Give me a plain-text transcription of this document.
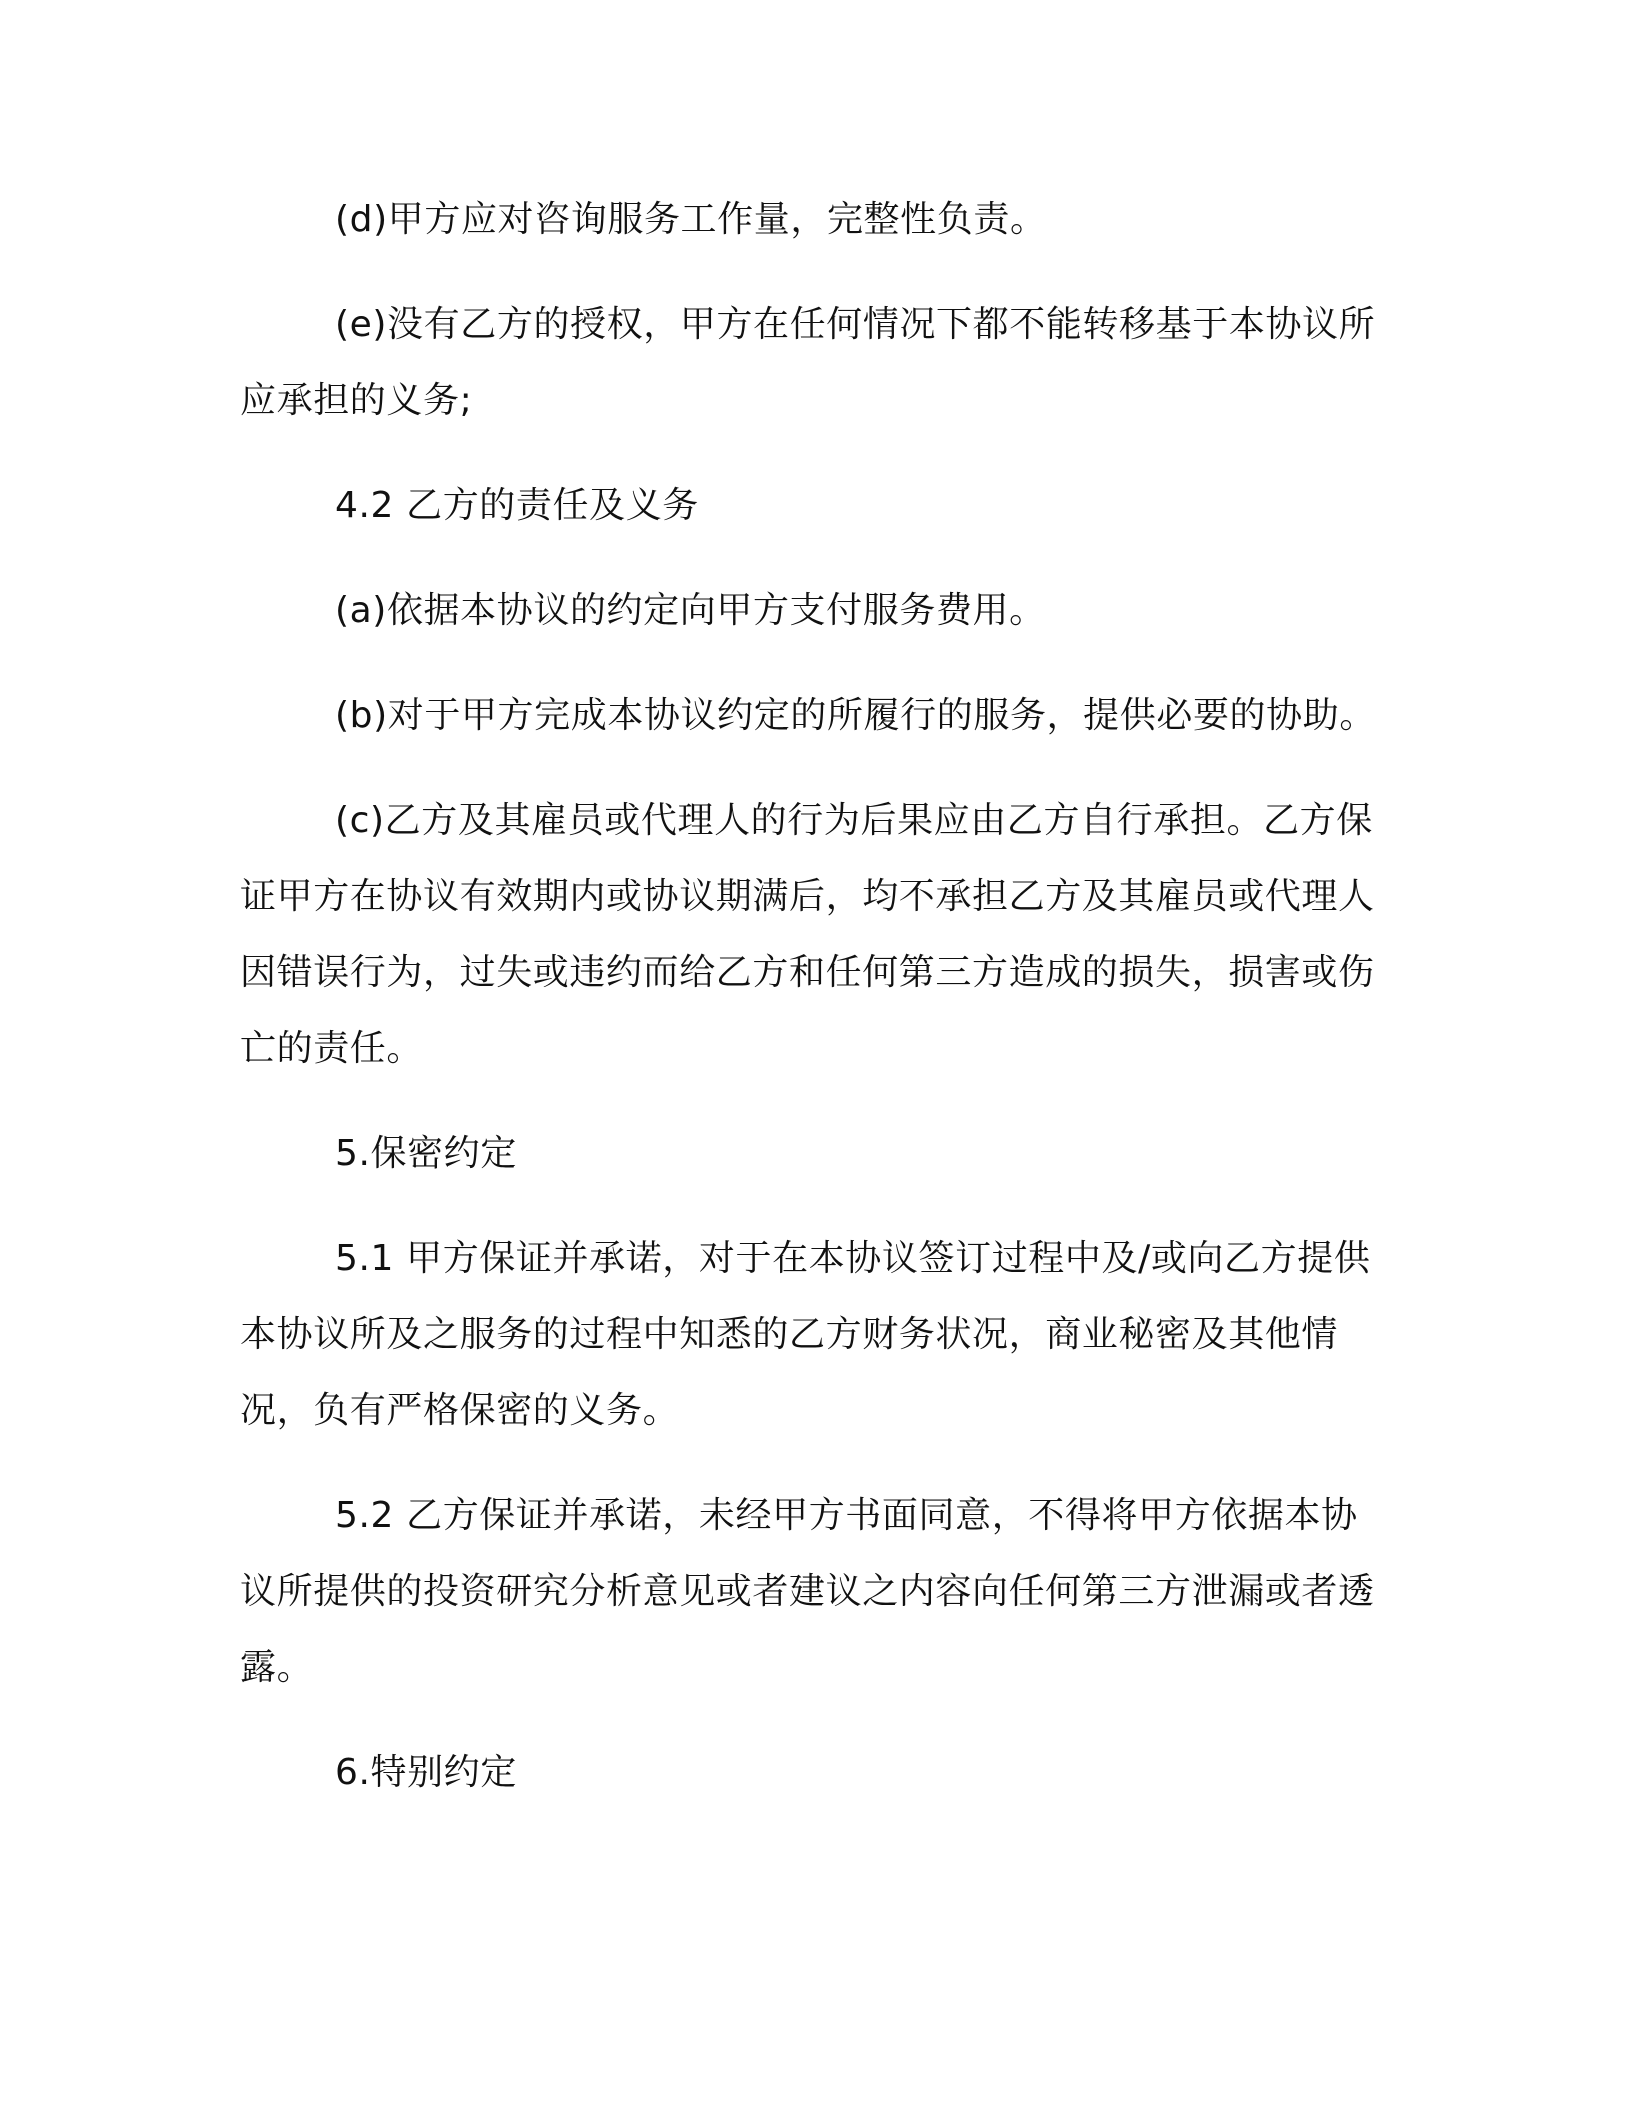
(d)甲方应对咨询服务工作量，完整性负责。

(e)没有乙方的授权，甲方在任何情况下都不能转移基于本协议所应承担的义务;

4.2 乙方的责任及义务

(a)依据本协议的约定向甲方支付服务费用。

(b)对于甲方完成本协议约定的所履行的服务，提供必要的协助。

(c)乙方及其雇员或代理人的行为后果应由乙方自行承担。乙方保证甲方在协议有效期内或协议期满后，均不承担乙方及其雇员或代理人因错误行为，过失或违约而给乙方和任何第三方造成的损失，损害或伤亡的责任。

5.保密约定

5.1 甲方保证并承诺，对于在本协议签订过程中及/或向乙方提供本协议所及之服务的过程中知悉的乙方财务状况，商业秘密及其他情况，负有严格保密的义务。

5.2 乙方保证并承诺，未经甲方书面同意，不得将甲方依据本协议所提供的投资研究分析意见或者建议之内容向任何第三方泄漏或者透露。

6.特别约定
